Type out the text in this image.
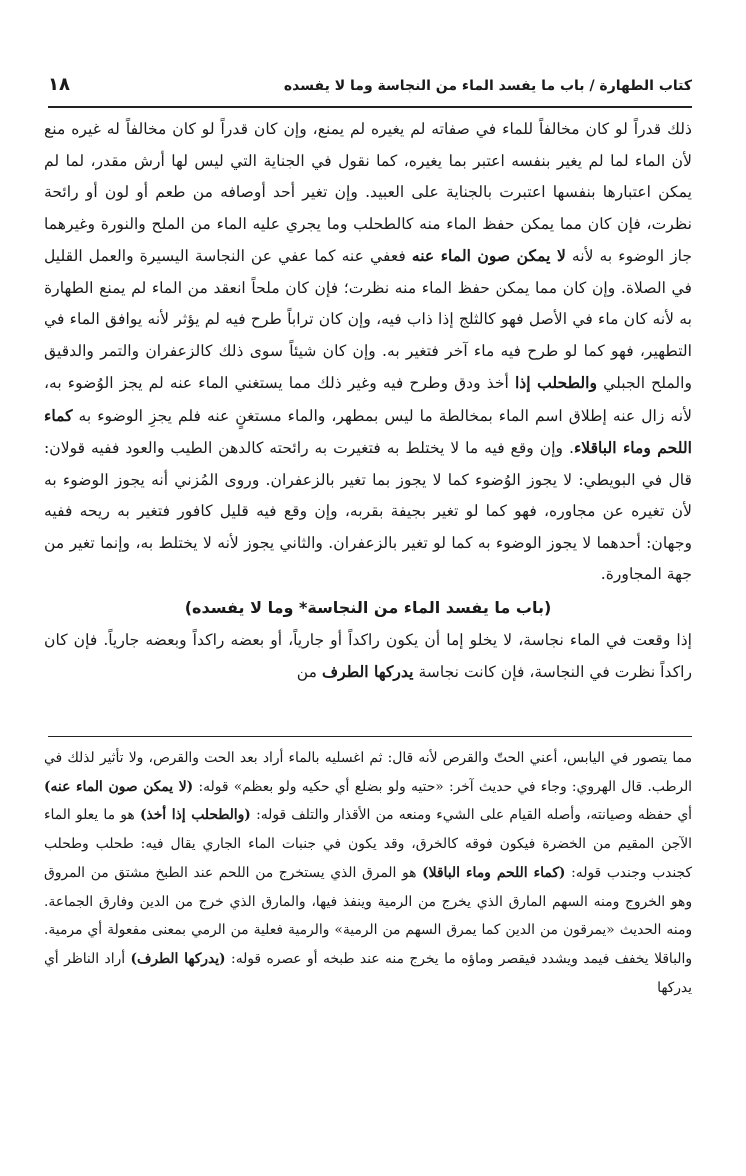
كتاب الطهارة / باب ما يفسد الماء من النجاسة وما لا يفسده
١٨

ذلك قدراً لو كان مخالفاً للماء في صفاته لم يغيره لم يمنع، وإن كان قدراً لو كان مخالفاً له غيره منع لأن الماء لما لم يغير بنفسه اعتبر بما يغيره، كما نقول في الجناية التي ليس لها أرش مقدر، لما لم يمكن اعتبارها بنفسها اعتبرت بالجناية على العبيد. وإن تغير أحد أوصافه من طعم أو لون أو رائحة نظرت، فإن كان مما يمكن حفظ الماء منه كالطحلب وما يجري عليه الماء من الملح والنورة وغيرهما جاز الوضوء به لأنه لا يمكن صون الماء عنه فعفي عنه كما عفي عن النجاسة اليسيرة والعمل القليل في الصلاة. وإن كان مما يمكن حفظ الماء منه نظرت؛ فإن كان ملحاً انعقد من الماء لم يمنع الطهارة به لأنه كان ماء في الأصل فهو كالثلج إذا ذاب فيه، وإن كان تراباً طرح فيه لم يؤثر لأنه يوافق الماء في التطهير، فهو كما لو طرح فيه ماء آخر فتغير به. وإن كان شيئاً سوى ذلك كالزعفران والتمر والدقيق والملح الجبلي والطحلب إذا أخذ ودق وطرح فيه وغير ذلك مما يستغني الماء عنه لم يجز الوُضوء به، لأنه زال عنه إطلاق اسم الماء بمخالطة ما ليس بمطهر، والماء مستغنٍ عنه فلم يجزِ الوضوء به كماء اللحم وماء الباقلاء. وإن وقع فيه ما لا يختلط به فتغيرت به رائحته كالدهن الطيب والعود ففيه قولان: قال في البويطي: لا يجوز الوُضوء كما لا يجوز بما تغير بالزعفران. وروى المُزني أنه يجوز الوضوء به لأن تغيره عن مجاوره، فهو كما لو تغير بجيفة بقربه، وإن وقع فيه قليل كافور فتغير به ريحه ففيه وجهان: أحدهما لا يجوز الوضوء به كما لو تغير بالزعفران. والثاني يجوز لأنه لا يختلط به، وإنما تغير من جهة المجاورة.

(باب ما يفسد الماء من النجاسة* وما لا يفسده)

إذا وقعت في الماء نجاسة، لا يخلو إما أن يكون راكداً أو جارياً، أو بعضه راكداً وبعضه جارياً. فإن كان راكداً نظرت في النجاسة، فإن كانت نجاسة يدركها الطرف من

مما يتصور في اليابس، أعني الحتّ والقرص لأنه قال: ثم اغسليه بالماء أراد بعد الحت والقرص، ولا تأثير لذلك في الرطب. قال الهروي: وجاء في حديث آخر: «حتيه ولو بضلع أي حكيه ولو بعظم» قوله: (لا يمكن صون الماء عنه) أي حفظه وصيانته، وأصله القيام على الشيء ومنعه من الأقذار والتلف قوله: (والطحلب إذا أخذ) هو ما يعلو الماء الآجن المقيم من الخضرة فيكون فوقه كالخرق، وقد يكون في جنبات الماء الجاري يقال فيه: طحلب وطحلب كجندب وجندب قوله: (كماء اللحم وماء الباقلا) هو المرق الذي يستخرج من اللحم عند الطبخ مشتق من المروق وهو الخروج ومنه السهم المارق الذي يخرج من الرمية وينفذ فيها، والمارق الذي خرج من الدين وفارق الجماعة. ومنه الحديث «يمرقون من الدين كما يمرق السهم من الرمية» والرمية فعلية من الرمي بمعنى مفعولة أي مرمية. والباقلا يخفف فيمد ويشدد فيقصر وماؤه ما يخرج منه عند طبخه أو عصره قوله: (يدركها الطرف) أراد الناظر أي يدركها
